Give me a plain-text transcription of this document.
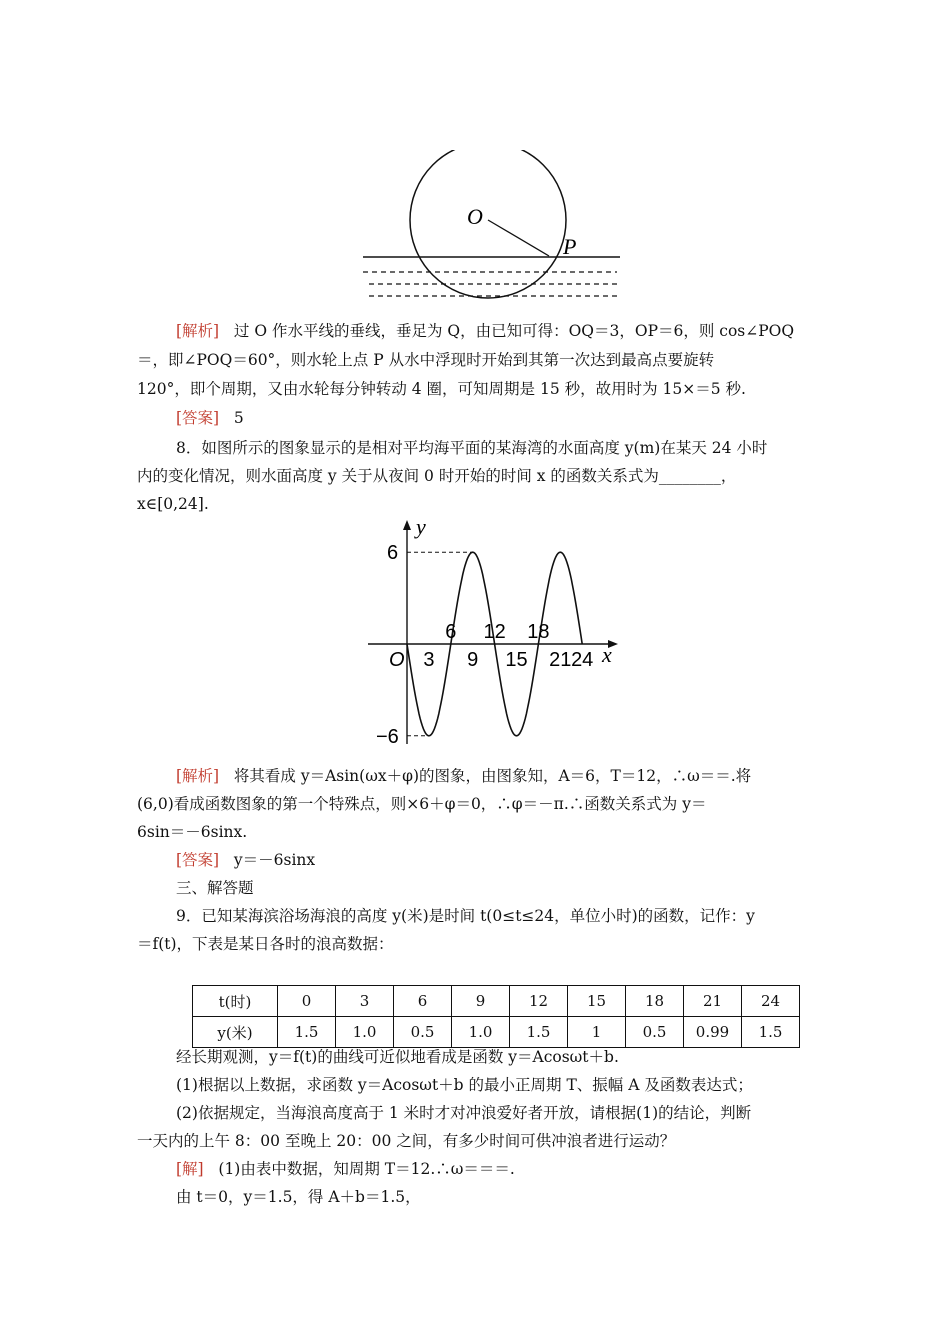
O
P
[解析] 过 O 作水平线的垂线，垂足为 Q，由已知可得：OQ＝3，OP＝6，则 cos∠POQ
＝，即∠POQ＝60°，则水轮上点 P 从水中浮现时开始到其第一次达到最高点要旋转
120°，即个周期，又由水轮每分钟转动 4 圈，可知周期是 15 秒，故用时为 15×＝5 秒.
[答案] 5
8．如图所示的图象显示的是相对平均海平面的某海湾的水面高度 y(m)在某天 24 小时
内的变化情况，则水面高度 y 关于从夜间 0 时开始的时间 x 的函数关系式为________，
x∈[0,24].
y
x
6
−6
O 3 9 15 21 24
6 12 18
[解析] 将其看成 y＝Asin(ωx＋φ)的图象，由图象知，A＝6，T＝12，∴ω＝＝.将
(6,0)看成函数图象的第一个特殊点，则×6＋φ＝0，∴φ＝－π.∴函数关系式为 y＝
6sin＝－6sinx.
[答案] y＝－6sinx
三、解答题
9．已知某海滨浴场海浪的高度 y(米)是时间 t(0≤t≤24，单位小时)的函数，记作：y
＝f(t)，下表是某日各时的浪高数据：
t(时)	0	3	6	9	12	15	18	21	24
y(米)	1.5	1.0	0.5	1.0	1.5	1	0.5	0.99	1.5
经长期观测，y＝f(t)的曲线可近似地看成是函数 y＝Acosωt＋b.
(1)根据以上数据，求函数 y＝Acosωt＋b 的最小正周期 T、振幅 A 及函数表达式；
(2)依据规定，当海浪高度高于 1 米时才对冲浪爱好者开放，请根据(1)的结论，判断
一天内的上午 8：00 至晚上 20：00 之间，有多少时间可供冲浪者进行运动？
[解] (1)由表中数据，知周期 T＝12.∴ω＝＝＝.
由 t＝0，y＝1.5，得 A＋b＝1.5，
